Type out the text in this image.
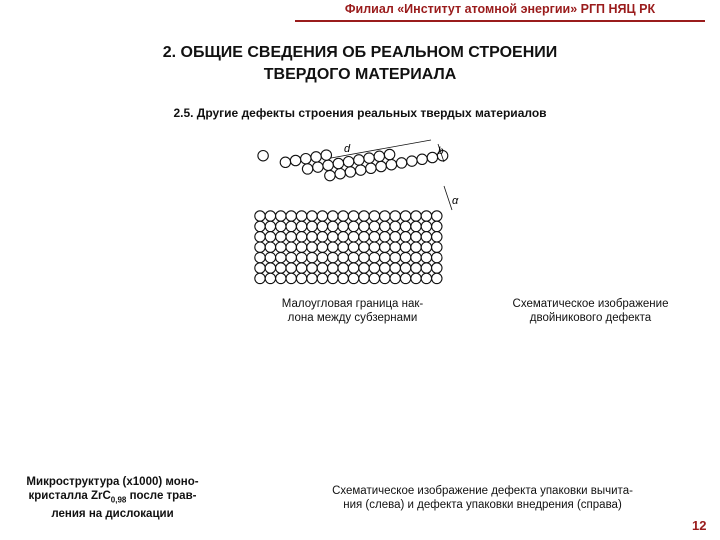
Филиал «Институт атомной энергии» РГП НЯЦ РК
2. ОБЩИЕ СВЕДЕНИЯ ОБ РЕАЛЬНОМ СТРОЕНИИ
ТВЕРДОГО МАТЕРИАЛА
2.5. Другие дефекты строения реальных твердых материалов
d	b
α
Малоугловая граница нак-
лона между субзернами
Схематическое изображение
двойникового дефекта
Микроструктура (x1000) моно-
кристалла ZrC$_{0,98}$ после трав-
ления на дислокации
Схематическое изображение дефекта упаковки вычита-
ния (слева) и дефекта упаковки внедрения (справа)
12
